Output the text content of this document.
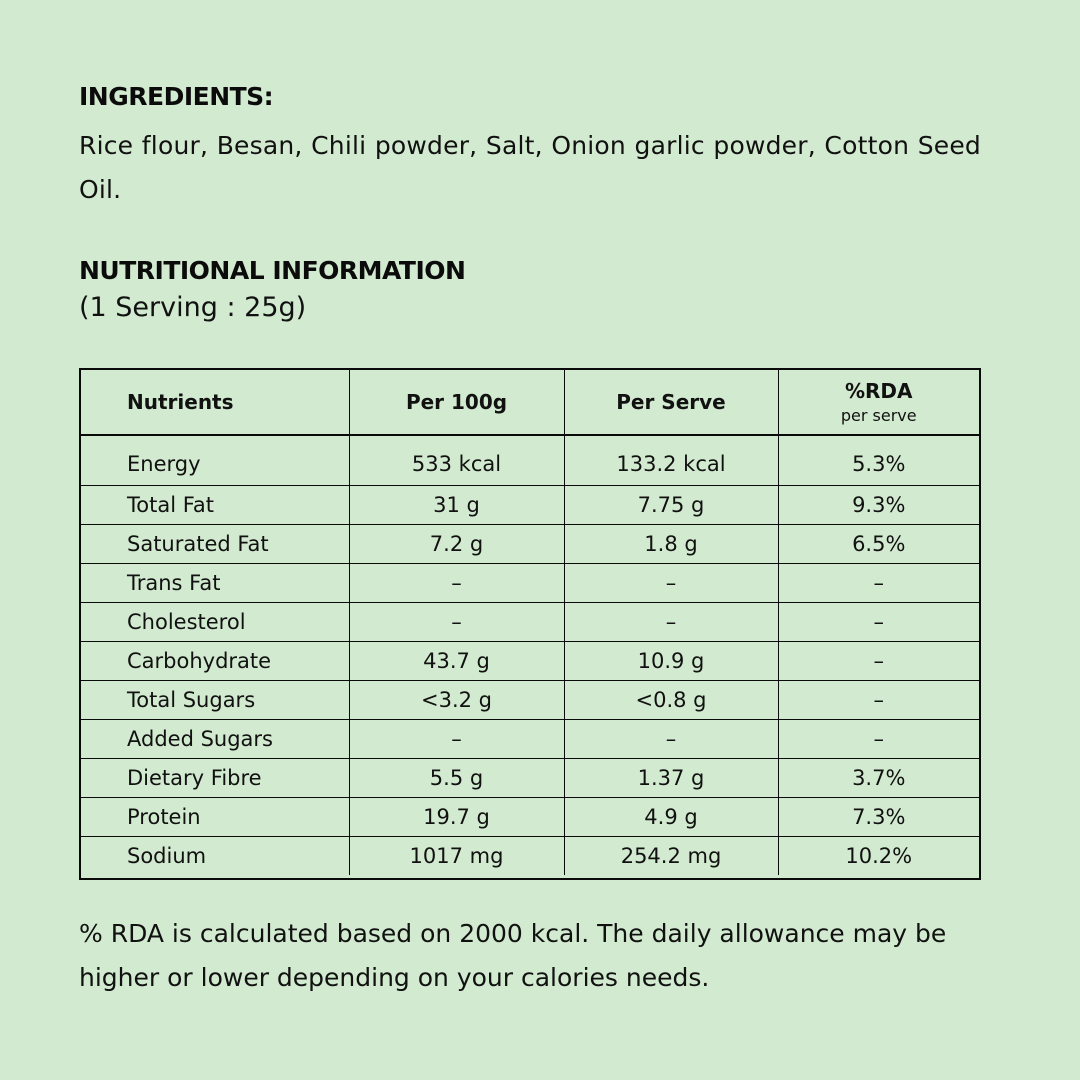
INGREDIENTS:

Rice flour, Besan, Chili powder, Salt, Onion garlic powder, Cotton Seed Oil.

NUTRITIONAL INFORMATION

(1 Serving : 25g)

Nutrients	Per 100g	Per Serve	%RDA
per serve

Energy	533 kcal	133.2 kcal	5.3%
Total Fat	31 g	7.75 g	9.3%
Saturated Fat	7.2 g	1.8 g	6.5%
Trans Fat	–	–	–
Cholesterol	–	–	–
Carbohydrate	43.7 g	10.9 g	–
Total Sugars	<3.2 g	<0.8 g	–
Added Sugars	–	–	–
Dietary Fibre	5.5 g	1.37 g	3.7%
Protein	19.7 g	4.9 g	7.3%
Sodium	1017 mg	254.2 mg	10.2%

% RDA is calculated based on 2000 kcal. The daily allowance may be higher or lower depending on your calories needs.
